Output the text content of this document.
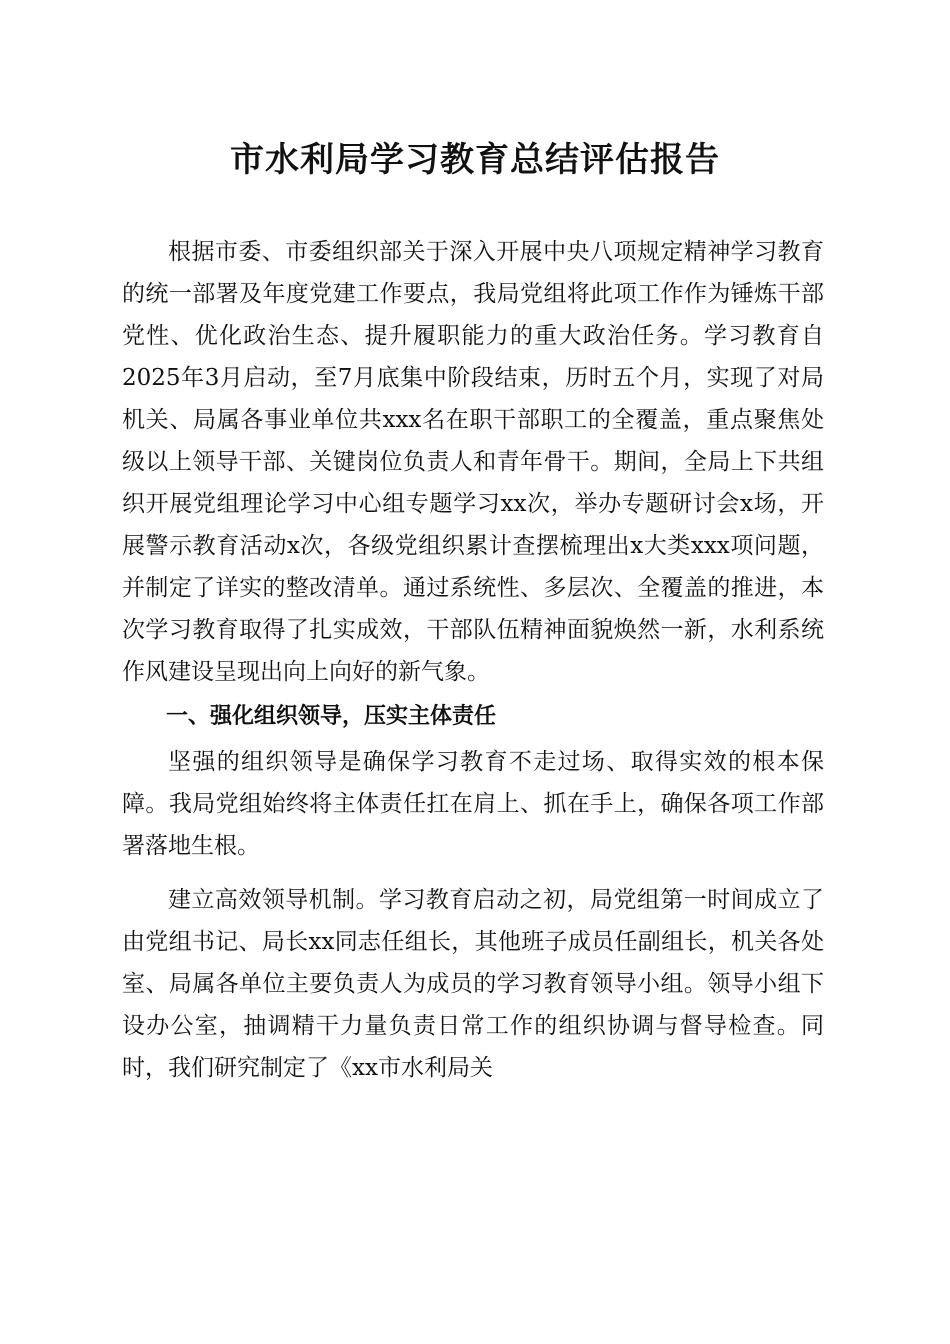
市水利局学习教育总结评估报告

根据市委、市委组织部关于深入开展中央八项规定精神学习教育的统一部署及年度党建工作要点，我局党组将此项工作作为锤炼干部党性、优化政治生态、提升履职能力的重大政治任务。学习教育自2025年3月启动，至7月底集中阶段结束，历时五个月，实现了对局机关、局属各事业单位共xxx名在职干部职工的全覆盖，重点聚焦处级以上领导干部、关键岗位负责人和青年骨干。期间，全局上下共组织开展党组理论学习中心组专题学习xx次，举办专题研讨会x场，开展警示教育活动x次，各级党组织累计查摆梳理出x大类xxx项问题，并制定了详实的整改清单。通过系统性、多层次、全覆盖的推进，本次学习教育取得了扎实成效，干部队伍精神面貌焕然一新，水利系统作风建设呈现出向上向好的新气象。

一、强化组织领导，压实主体责任

坚强的组织领导是确保学习教育不走过场、取得实效的根本保障。我局党组始终将主体责任扛在肩上、抓在手上，确保各项工作部署落地生根。

建立高效领导机制。学习教育启动之初，局党组第一时间成立了由党组书记、局长xx同志任组长，其他班子成员任副组长，机关各处室、局属各单位主要负责人为成员的学习教育领导小组。领导小组下设办公室，抽调精干力量负责日常工作的组织协调与督导检查。同时，我们研究制定了《xx市水利局关
